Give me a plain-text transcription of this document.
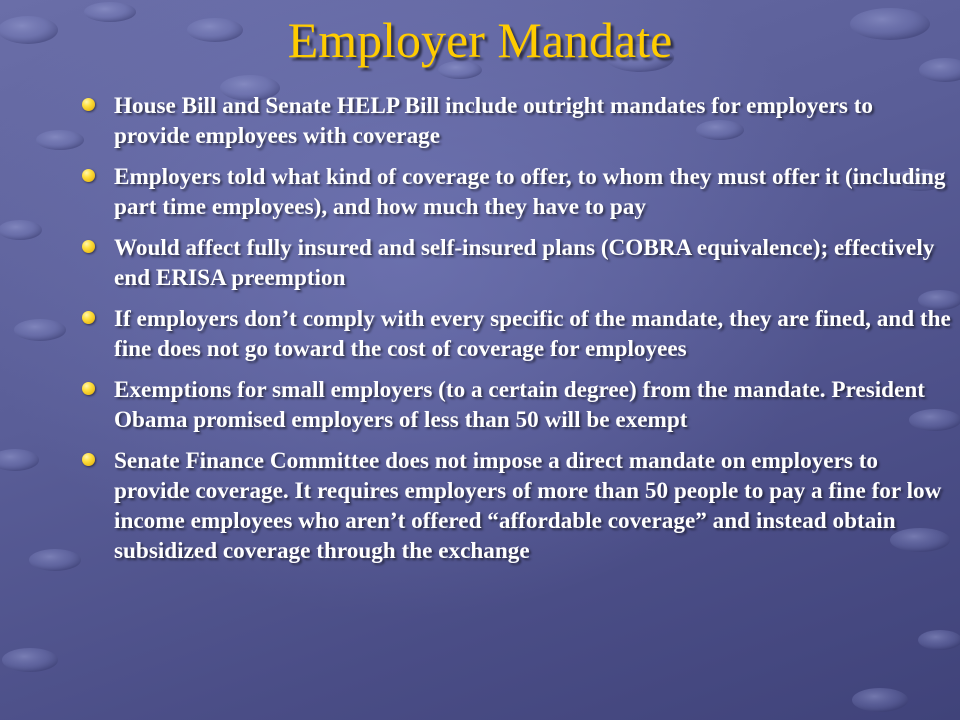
Employer Mandate
House Bill and Senate HELP Bill include outright mandates for employers to provide employees with coverage
Employers told what kind of coverage to offer, to whom they must offer it (including part time employees), and how much they have to pay
Would affect fully insured and self-insured plans (COBRA equivalence); effectively end ERISA preemption
If employers don’t comply with every specific of the mandate, they are fined, and the fine does not go toward the cost of coverage for employees
Exemptions for small employers (to a certain degree) from the mandate. President Obama promised employers of less than 50 will be exempt
Senate Finance Committee does not impose a direct mandate on employers to provide coverage. It requires employers of more than 50 people to pay a fine for low income employees who aren’t offered “affordable coverage” and instead obtain subsidized coverage through the exchange
